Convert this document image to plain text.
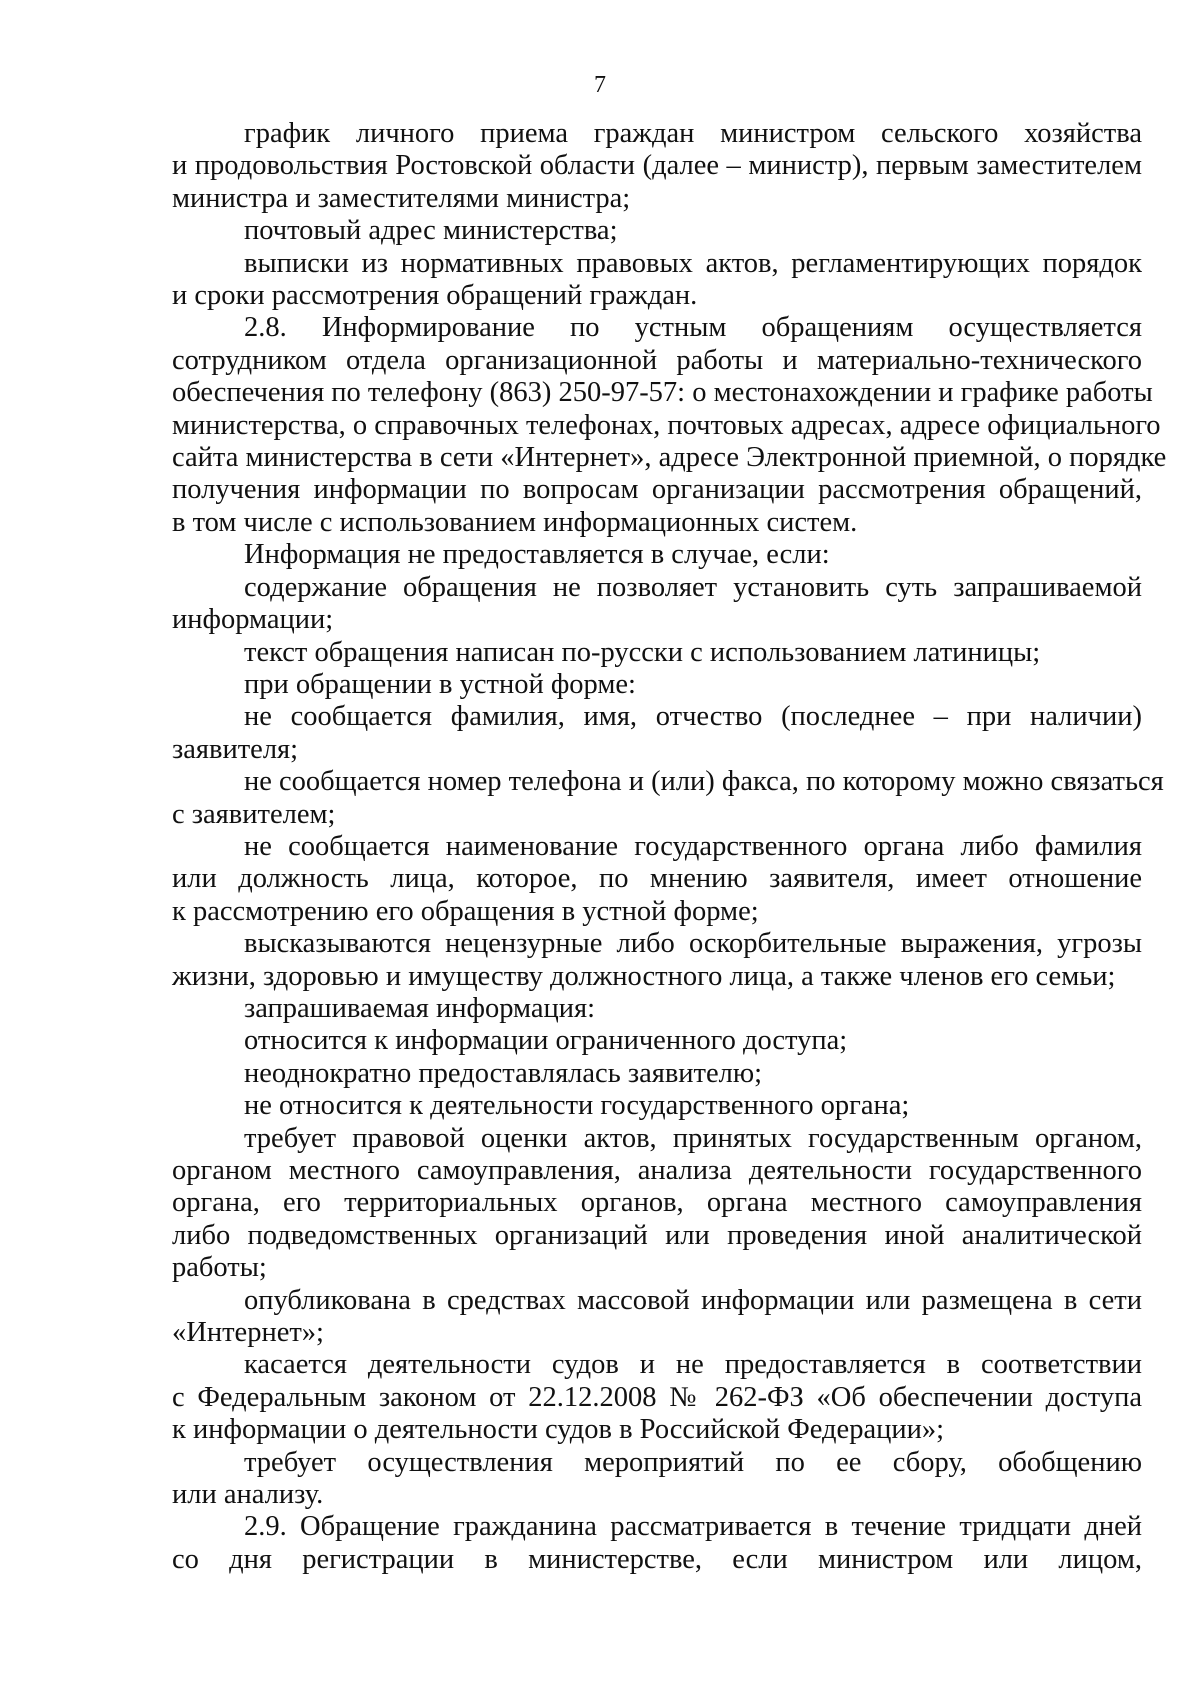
7
график личного приема граждан министром сельского хозяйства
и продовольствия Ростовской области (далее – министр), первым заместителем
министра и заместителями министра;
почтовый адрес министерства;
выписки из нормативных правовых актов, регламентирующих порядок
и сроки рассмотрения обращений граждан.
2.8. Информирование по устным обращениям осуществляется
сотрудником отдела организационной работы и материально-технического
обеспечения по телефону (863) 250-97-57: о местонахождении и графике работы
министерства, о справочных телефонах, почтовых адресах, адресе официального
сайта министерства в сети «Интернет», адресе Электронной приемной, о порядке
получения информации по вопросам организации рассмотрения обращений,
в том числе с использованием информационных систем.
Информация не предоставляется в случае, если:
содержание обращения не позволяет установить суть запрашиваемой
информации;
текст обращения написан по-русски с использованием латиницы;
при обращении в устной форме:
не сообщается фамилия, имя, отчество (последнее – при наличии)
заявителя;
не сообщается номер телефона и (или) факса, по которому можно связаться
с заявителем;
не сообщается наименование государственного органа либо фамилия
или должность лица, которое, по мнению заявителя, имеет отношение
к рассмотрению его обращения в устной форме;
высказываются нецензурные либо оскорбительные выражения, угрозы
жизни, здоровью и имуществу должностного лица, а также членов его семьи;
запрашиваемая информация:
относится к информации ограниченного доступа;
неоднократно предоставлялась заявителю;
не относится к деятельности государственного органа;
требует правовой оценки актов, принятых государственным органом,
органом местного самоуправления, анализа деятельности государственного
органа, его территориальных органов, органа местного самоуправления
либо подведомственных организаций или проведения иной аналитической
работы;
опубликована в средствах массовой информации или размещена в сети
«Интернет»;
касается деятельности судов и не предоставляется в соответствии
с Федеральным законом от 22.12.2008 № 262-ФЗ «Об обеспечении доступа
к информации о деятельности судов в Российской Федерации»;
требует осуществления мероприятий по ее сбору, обобщению
или анализу.
2.9. Обращение гражданина рассматривается в течение тридцати дней
со дня регистрации в министерстве, если министром или лицом,
